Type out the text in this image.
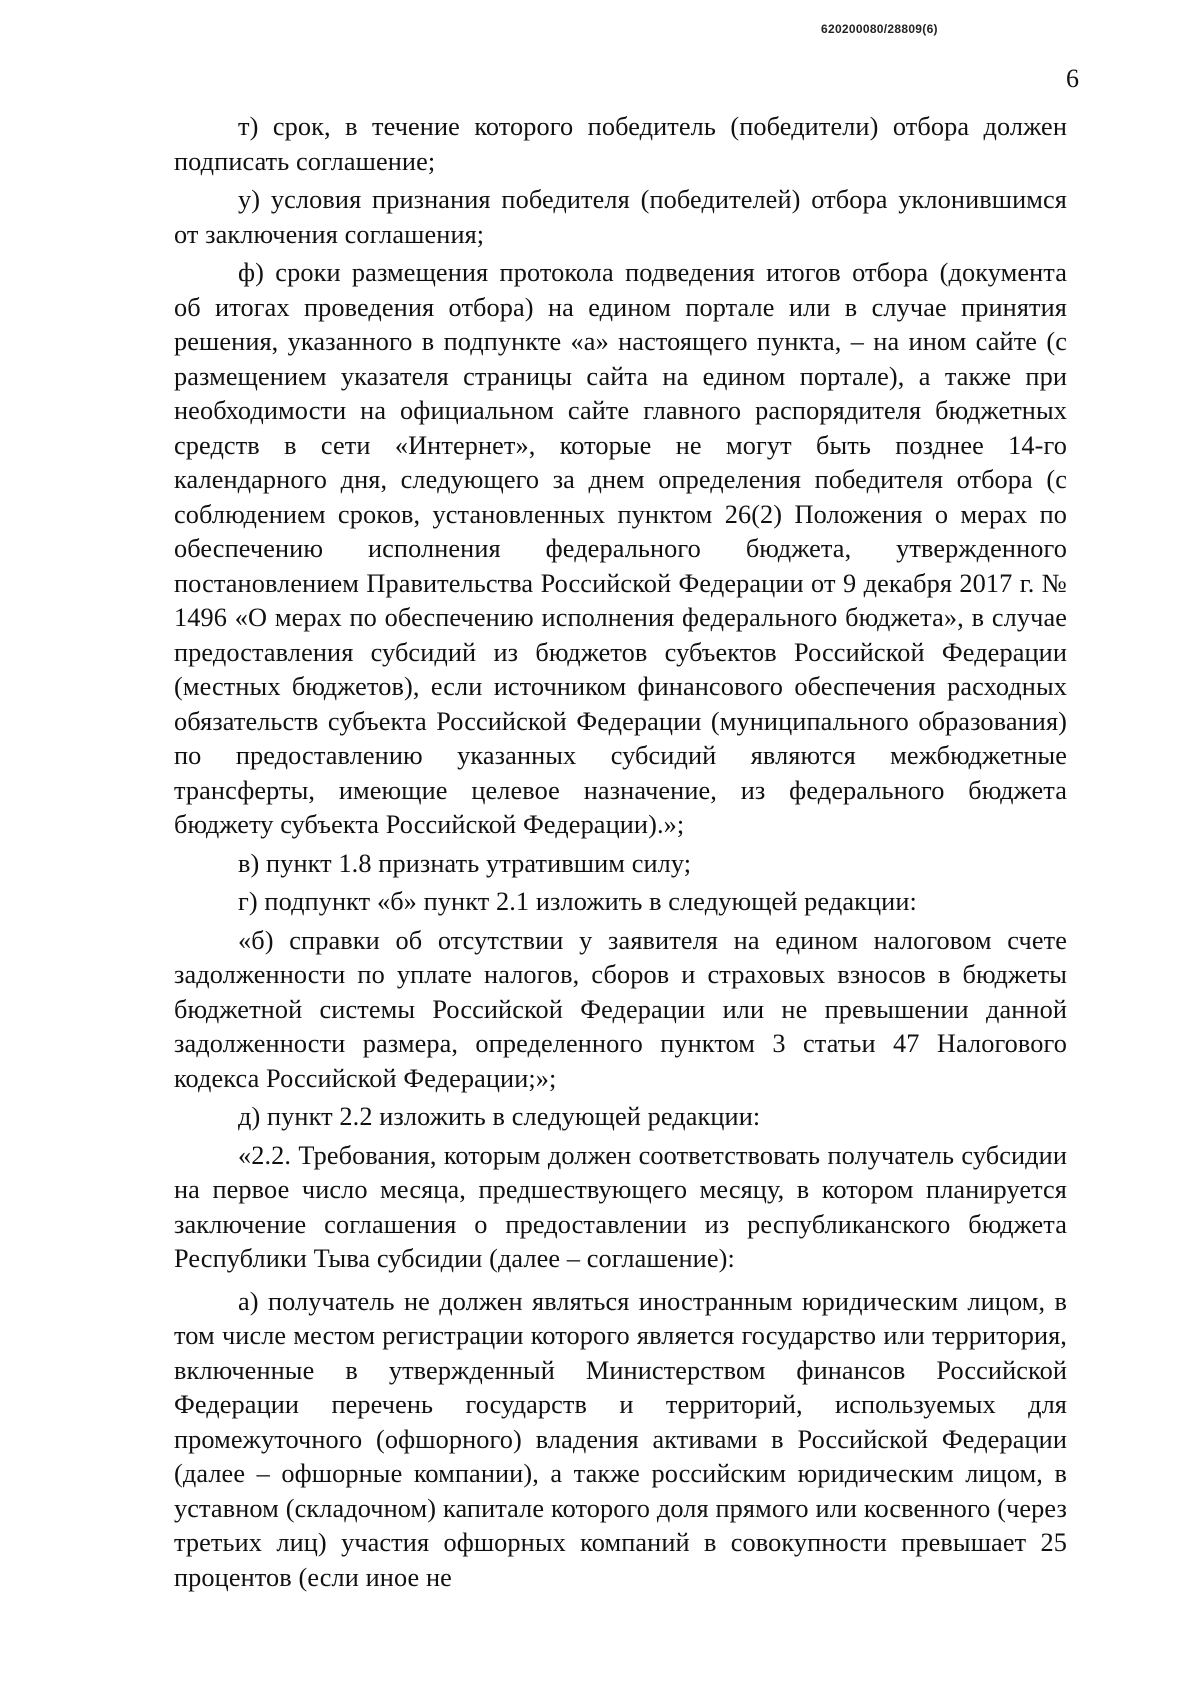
620200080/28809(6)
6

т) срок, в течение которого победитель (победители) отбора должен подписать соглашение;

у) условия признания победителя (победителей) отбора уклонившимся от заключения соглашения;

ф) сроки размещения протокола подведения итогов отбора (документа об итогах проведения отбора) на едином портале или в случае принятия решения, указанного в подпункте «а» настоящего пункта, – на ином сайте (с размещением указателя страницы сайта на едином портале), а также при необходимости на официальном сайте главного распорядителя бюджетных средств в сети «Интернет», которые не могут быть позднее 14-го календарного дня, следующего за днем определения победителя отбора (с соблюдением сроков, установленных пунктом 26(2) Положения о мерах по обеспечению исполнения федерального бюджета, утвержденного постановлением Правительства Российской Федерации от 9 декабря 2017 г. № 1496 «О мерах по обеспечению исполнения федерального бюджета», в случае предоставления субсидий из бюджетов субъектов Российской Федерации (местных бюджетов), если источником финансового обеспечения расходных обязательств субъекта Российской Федерации (муниципального образования) по предоставлению указанных субсидий являются межбюджетные трансферты, имеющие целевое назначение, из федерального бюджета бюджету субъекта Российской Федерации).»;

в) пункт 1.8 признать утратившим силу;

г) подпункт «б» пункт 2.1 изложить в следующей редакции:

«б) справки об отсутствии у заявителя на едином налоговом счете задолженности по уплате налогов, сборов и страховых взносов в бюджеты бюджетной системы Российской Федерации или не превышении данной задолженности размера, определенного пунктом 3 статьи 47 Налогового кодекса Российской Федерации;»;

д) пункт 2.2 изложить в следующей редакции:

«2.2. Требования, которым должен соответствовать получатель субсидии на первое число месяца, предшествующего месяцу, в котором планируется заключение соглашения о предоставлении из республиканского бюджета Республики Тыва субсидии (далее – соглашение):

а) получатель не должен являться иностранным юридическим лицом, в том числе местом регистрации которого является государство или территория, включенные в утвержденный Министерством финансов Российской Федерации перечень государств и территорий, используемых для промежуточного (офшорного) владения активами в Российской Федерации (далее – офшорные компании), а также российским юридическим лицом, в уставном (складочном) капитале которого доля прямого или косвенного (через третьих лиц) участия офшорных компаний в совокупности превышает 25 процентов (если иное не
